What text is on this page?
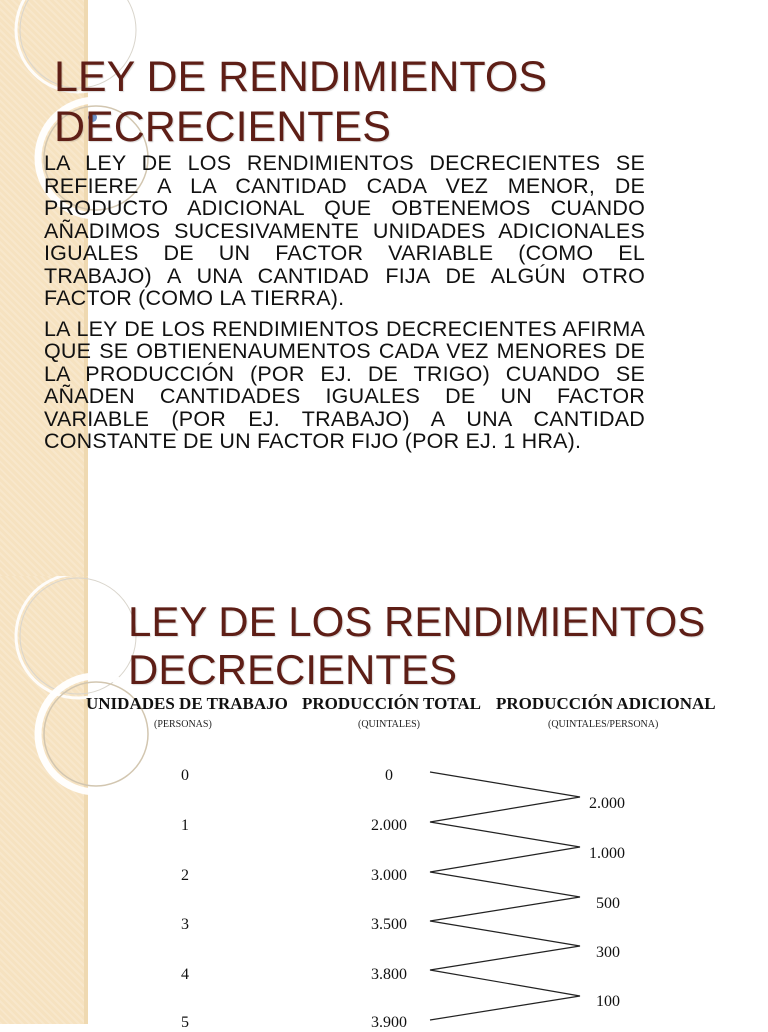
LEY DE RENDIMIENTOS DECRECIENTES

LA LEY DE LOS RENDIMIENTOS DECRECIENTES SE REFIERE A LA CANTIDAD CADA VEZ MENOR, DE PRODUCTO ADICIONAL QUE OBTENEMOS CUANDO AÑADIMOS SUCESIVAMENTE UNIDADES ADICIONALES IGUALES DE UN FACTOR VARIABLE (COMO EL TRABAJO) A UNA CANTIDAD FIJA DE ALGÚN OTRO FACTOR (COMO LA TIERRA).

LA LEY DE LOS RENDIMIENTOS DECRECIENTES AFIRMA QUE SE OBTIENENAUMENTOS CADA VEZ MENORES DE LA PRODUCCIÓN (POR EJ. DE TRIGO) CUANDO SE AÑADEN CANTIDADES IGUALES DE UN FACTOR VARIABLE (POR EJ. TRABAJO) A UNA CANTIDAD CONSTANTE DE UN FACTOR FIJO (POR EJ. 1 HRA).

LEY DE LOS RENDIMIENTOS DECRECIENTES
UNIDADES DE TRABAJO PRODUCCIÓN TOTAL PRODUCCIÓN ADICIONAL
(PERSONAS)	(QUINTALES)	(QUINTALES/PERSONA)
0
1
2
3
4
5
0
2.000
3.000
3.500
3.800
3.900
2.000
1.000
500
300
100
